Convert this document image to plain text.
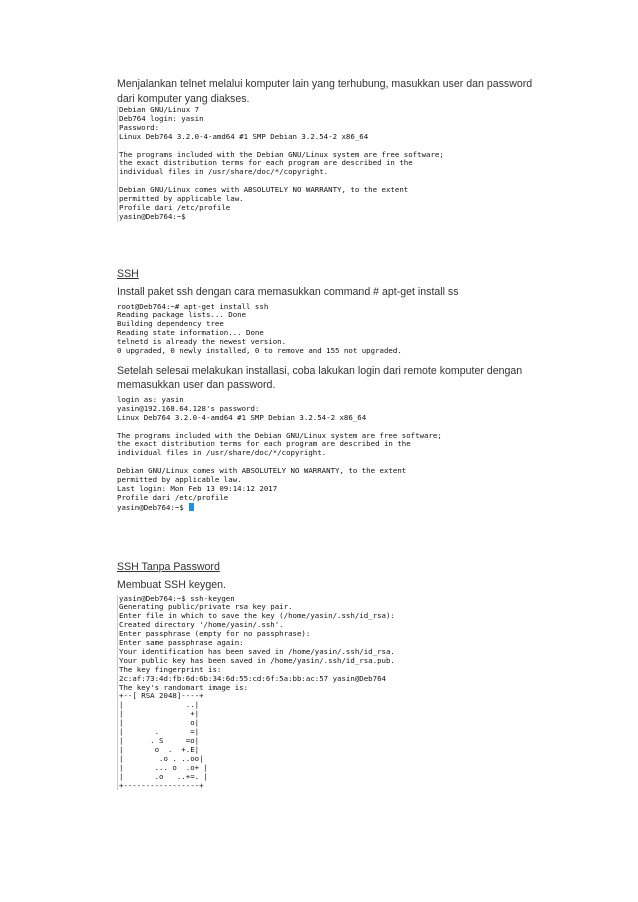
Menjalankan telnet melalui komputer lain yang terhubung, masukkan user dan password dari komputer yang diakses.

Debian GNU/Linux 7
Deb764 login: yasin
Password:
Linux Deb764 3.2.0-4-amd64 #1 SMP Debian 3.2.54-2 x86_64

The programs included with the Debian GNU/Linux system are free software;
the exact distribution terms for each program are described in the
individual files in /usr/share/doc/*/copyright.

Debian GNU/Linux comes with ABSOLUTELY NO WARRANTY, to the extent
permitted by applicable law.
Profile dari /etc/profile
yasin@Deb764:~$

SSH

Install paket ssh dengan cara memasukkan command # apt-get install ss

root@Deb764:~# apt-get install ssh
Reading package lists... Done
Building dependency tree
Reading state information... Done
telnetd is already the newest version.
0 upgraded, 0 newly installed, 0 to remove and 155 not upgraded.

Setelah selesai melakukan installasi, coba lakukan login dari remote komputer dengan memasukkan user dan password.

login as: yasin
yasin@192.168.64.128's password:
Linux Deb764 3.2.0-4-amd64 #1 SMP Debian 3.2.54-2 x86_64

The programs included with the Debian GNU/Linux system are free software;
the exact distribution terms for each program are described in the
individual files in /usr/share/doc/*/copyright.

Debian GNU/Linux comes with ABSOLUTELY NO WARRANTY, to the extent
permitted by applicable law.
Last login: Mon Feb 13 09:14:12 2017
Profile dari /etc/profile
yasin@Deb764:~$

SSH Tanpa Password

Membuat SSH keygen.

yasin@Deb764:~$ ssh-keygen
Generating public/private rsa key pair.
Enter file in which to save the key (/home/yasin/.ssh/id_rsa):
Created directory '/home/yasin/.ssh'.
Enter passphrase (empty for no passphrase):
Enter same passphrase again:
Your identification has been saved in /home/yasin/.ssh/id_rsa.
Your public key has been saved in /home/yasin/.ssh/id_rsa.pub.
The key fingerprint is:
2c:af:73:4d:fb:6d:6b:34:6d:55:cd:6f:5a:bb:ac:57 yasin@Deb764
The key's randomart image is:
+--[ RSA 2048]----+
|              ..|
|               +|
|               o|
|       .       =|
|      . S     =o|
|       o  .  +.E|
|        .o . ..oo|
|       ... o  .o+ |
|       .o   ..+=. |
+-----------------+
